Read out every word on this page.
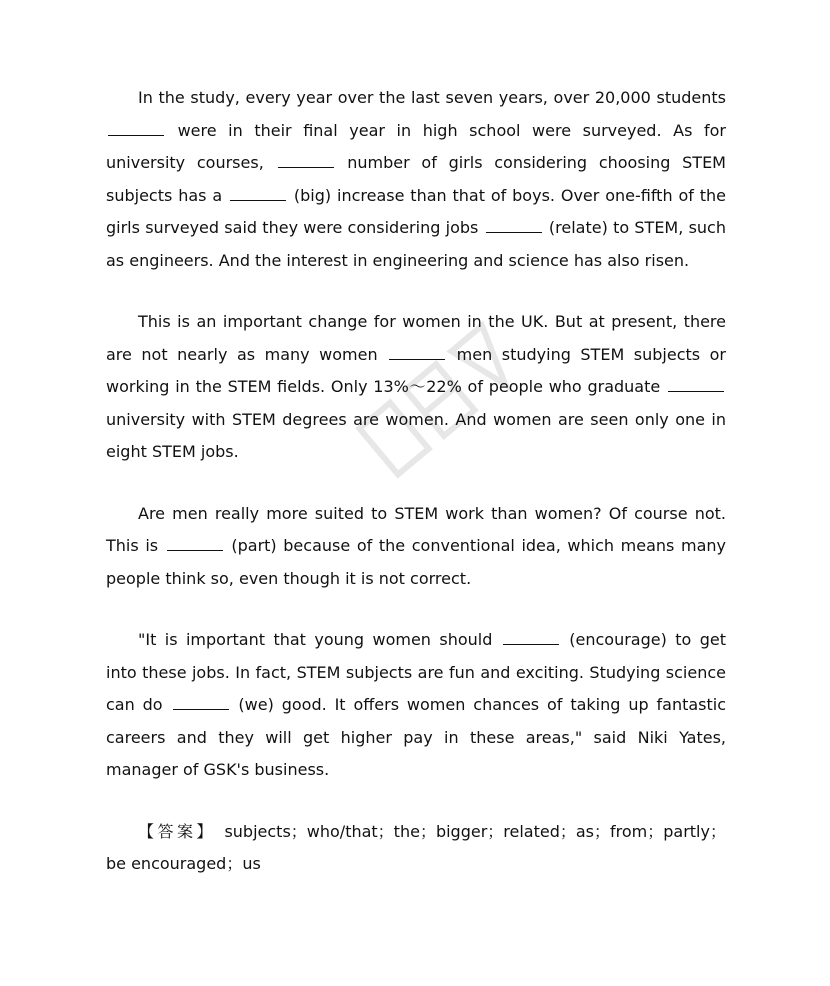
In the study, every year over the last seven years, over 20,000 students  were in their final year in high school were surveyed. As for university courses,	number of girls considering choosing STEM subjects has a	(big) increase than that of boys. Over one-fifth of the girls surveyed said they were considering jobs	(relate) to STEM, such as engineers. And the interest in engineering and science has also risen.

This is an important change for women in the UK. But at present, there are not nearly as many women	men studying STEM subjects or working in the STEM fields. Only 13%～22% of people who graduate  university with STEM degrees are women. And women are seen only one in eight STEM jobs.

Are men really more suited to STEM work than women? Of course not. This is	(part) because of the conventional idea, which means many people think so, even though it is not correct.

"It is important that young women should	(encourage) to get into these jobs. In fact, STEM subjects are fun and exciting. Studying science can do	(we) good. It offers women chances of taking up fantastic careers and they will get higher pay in these areas," said Niki Yates, manager of GSK's business.

【答案】 subjects；who/that；the；bigger；related；as；from；partly；be encouraged；us
